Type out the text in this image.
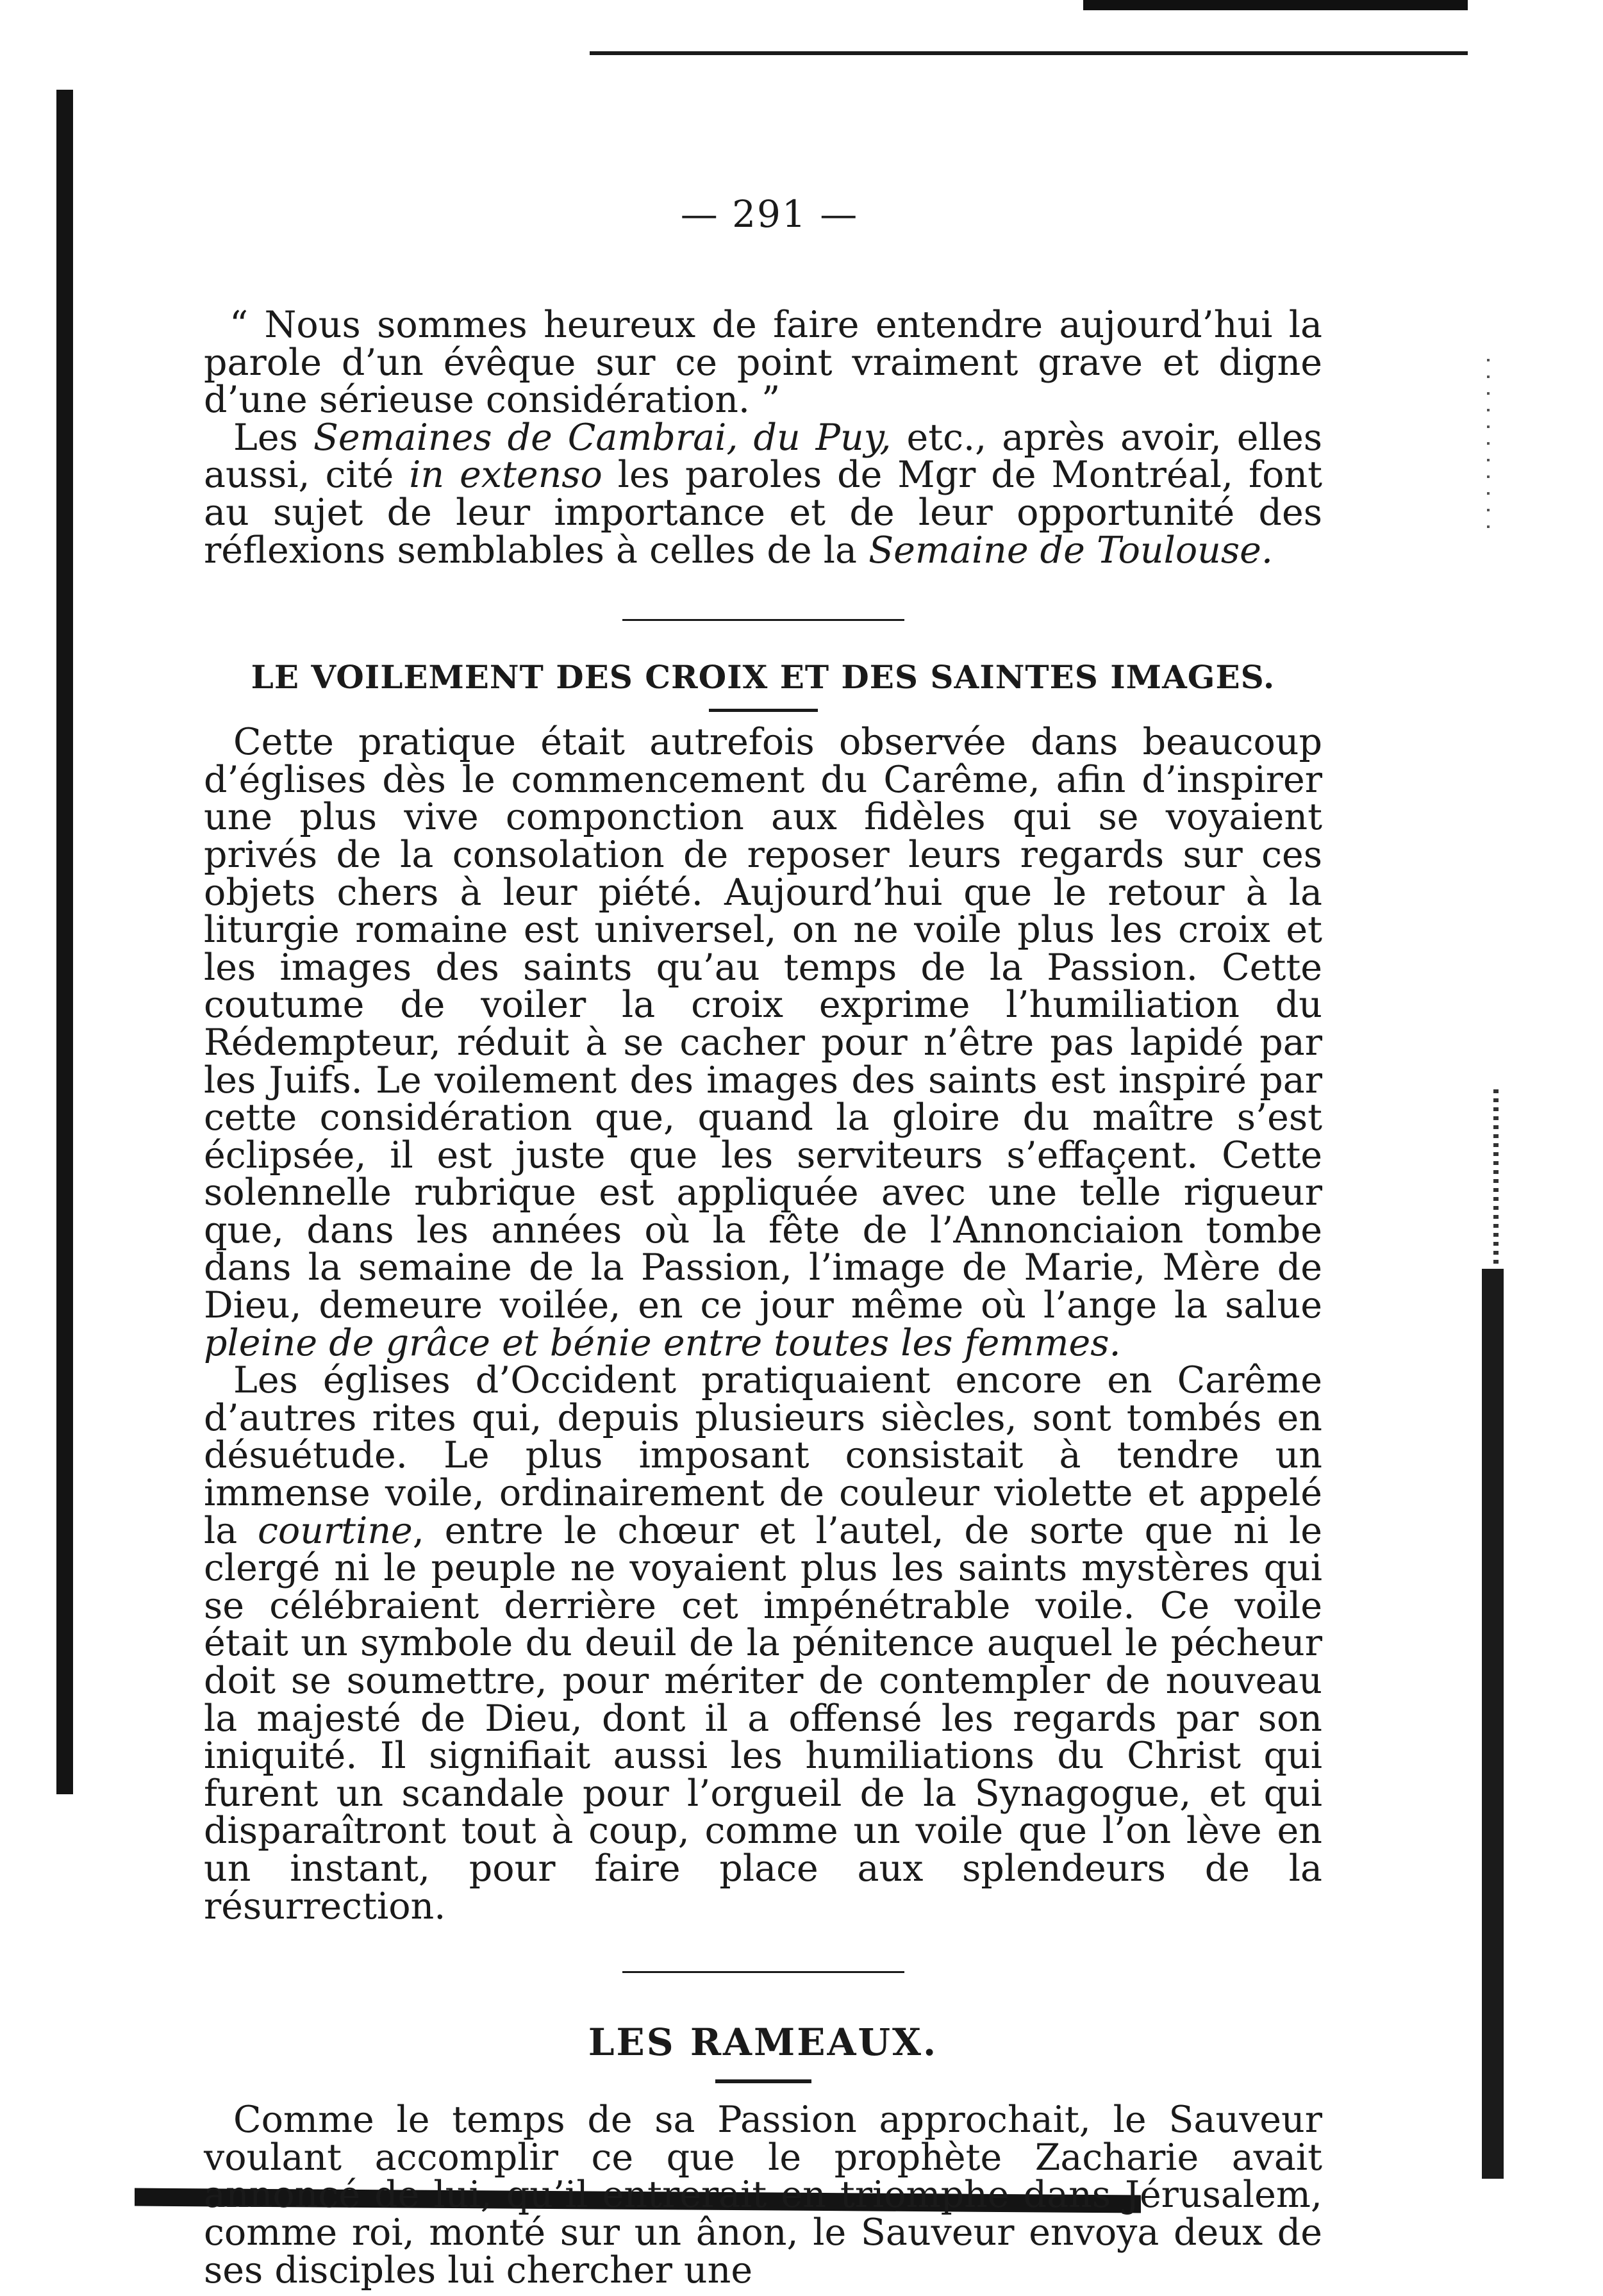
— 291 —

“ Nous sommes heureux de faire entendre aujourd’hui la parole d’un évêque sur ce point vraiment grave et digne d’une sérieuse considération. ”

Les Semaines de Cambrai, du Puy, etc., après avoir, elles aussi, cité in extenso les paroles de Mgr de Montréal, font au sujet de leur importance et de leur opportunité des réflexions semblables à celles de la Semaine de Toulouse.

LE VOILEMENT DES CROIX ET DES SAINTES IMAGES.

Cette pratique était autrefois observée dans beaucoup d’églises dès le commencement du Carême, afin d’inspirer une plus vive componction aux fidèles qui se voyaient privés de la consolation de reposer leurs regards sur ces objets chers à leur piété. Aujourd’hui que le retour à la liturgie romaine est universel, on ne voile plus les croix et les images des saints qu’au temps de la Passion. Cette coutume de voiler la croix exprime l’humiliation du Rédempteur, réduit à se cacher pour n’être pas lapidé par les Juifs. Le voilement des images des saints est inspiré par cette considération que, quand la gloire du maître s’est éclipsée, il est juste que les serviteurs s’effaçent. Cette solennelle rubrique est appliquée avec une telle rigueur que, dans les années où la fête de l’Annonciaion tombe dans la semaine de la Passion, l’image de Marie, Mère de Dieu, demeure voilée, en ce jour même où l’ange la salue pleine de grâce et bénie entre toutes les femmes.

Les églises d’Occident pratiquaient encore en Carême d’autres rites qui, depuis plusieurs siècles, sont tombés en désuétude. Le plus imposant consistait à tendre un immense voile, ordinairement de couleur violette et appelé la courtine, entre le chœur et l’autel, de sorte que ni le clergé ni le peuple ne voyaient plus les saints mystères qui se célébraient derrière cet impénétrable voile. Ce voile était un symbole du deuil de la pénitence auquel le pécheur doit se soumettre, pour mériter de contempler de nouveau la majesté de Dieu, dont il a offensé les regards par son iniquité. Il signifiait aussi les humiliations du Christ qui furent un scandale pour l’orgueil de la Synagogue, et qui disparaîtront tout à coup, comme un voile que l’on lève en un instant, pour faire place aux splendeurs de la résurrection.

LES RAMEAUX.

Comme le temps de sa Passion approchait, le Sauveur voulant accomplir ce que le prophète Zacharie avait annoncé de lui, qu’il entrerait en triomphe dans Jérusalem, comme roi, monté sur un ânon, le Sauveur envoya deux de ses disciples lui chercher une
